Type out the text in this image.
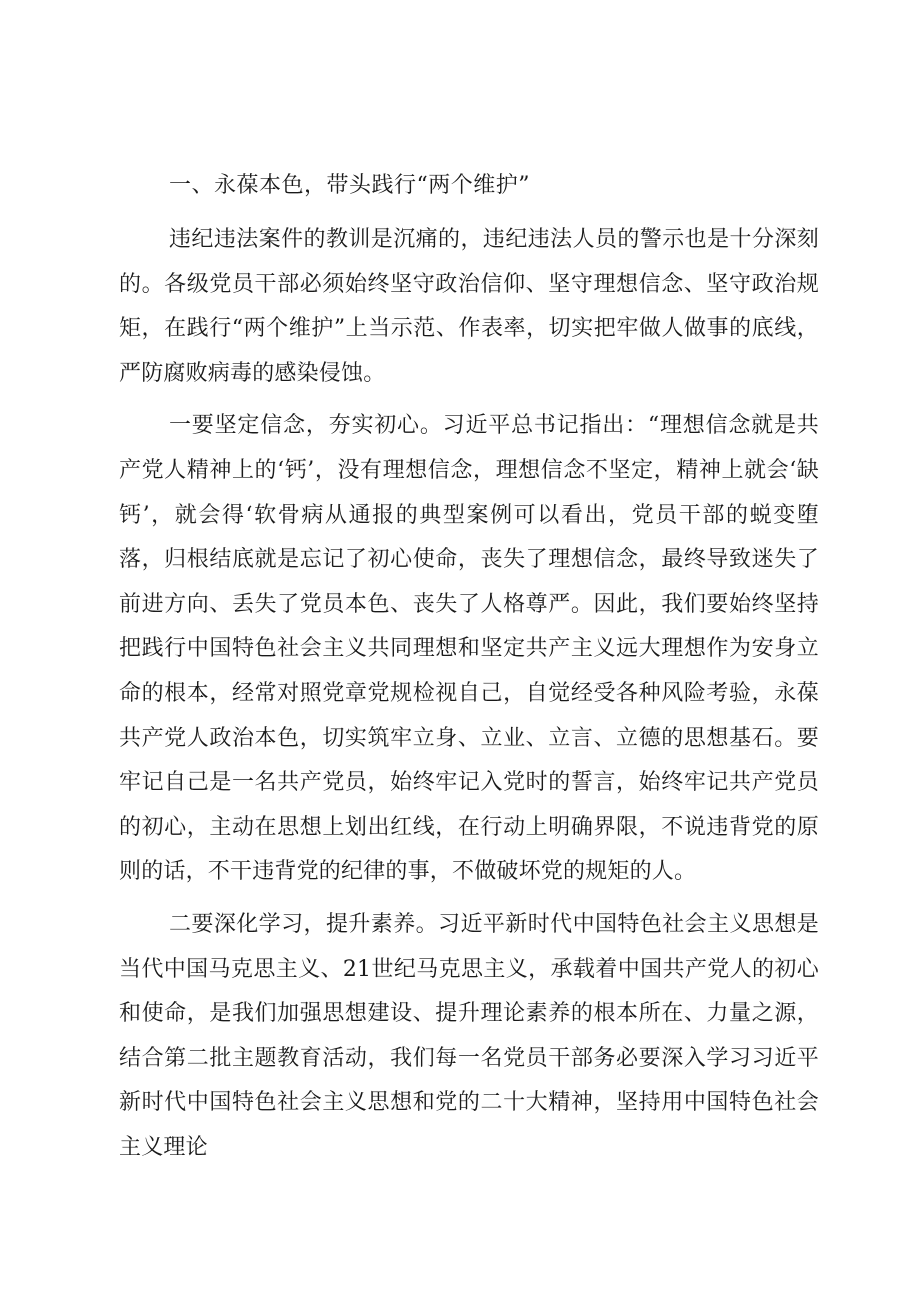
一、永葆本色，带头践行“两个维护”

违纪违法案件的教训是沉痛的，违纪违法人员的警示也是十分深刻的。各级党员干部必须始终坚守政治信仰、坚守理想信念、坚守政治规矩，在践行“两个维护”上当示范、作表率，切实把牢做人做事的底线，严防腐败病毒的感染侵蚀。

一要坚定信念，夯实初心。习近平总书记指出：“理想信念就是共产党人精神上的‘钙’，没有理想信念，理想信念不坚定，精神上就会‘缺钙’，就会得‘软骨病从通报的典型案例可以看出，党员干部的蜕变堕落，归根结底就是忘记了初心使命，丧失了理想信念，最终导致迷失了前进方向、丢失了党员本色、丧失了人格尊严。因此，我们要始终坚持把践行中国特色社会主义共同理想和坚定共产主义远大理想作为安身立命的根本，经常对照党章党规检视自己，自觉经受各种风险考验，永葆共产党人政治本色，切实筑牢立身、立业、立言、立德的思想基石。要牢记自己是一名共产党员，始终牢记入党时的誓言，始终牢记共产党员的初心，主动在思想上划出红线，在行动上明确界限，不说违背党的原则的话，不干违背党的纪律的事，不做破坏党的规矩的人。

二要深化学习，提升素养。习近平新时代中国特色社会主义思想是当代中国马克思主义、21世纪马克思主义，承载着中国共产党人的初心和使命，是我们加强思想建设、提升理论素养的根本所在、力量之源，结合第二批主题教育活动，我们每一名党员干部务必要深入学习习近平新时代中国特色社会主义思想和党的二十大精神，坚持用中国特色社会主义理论
